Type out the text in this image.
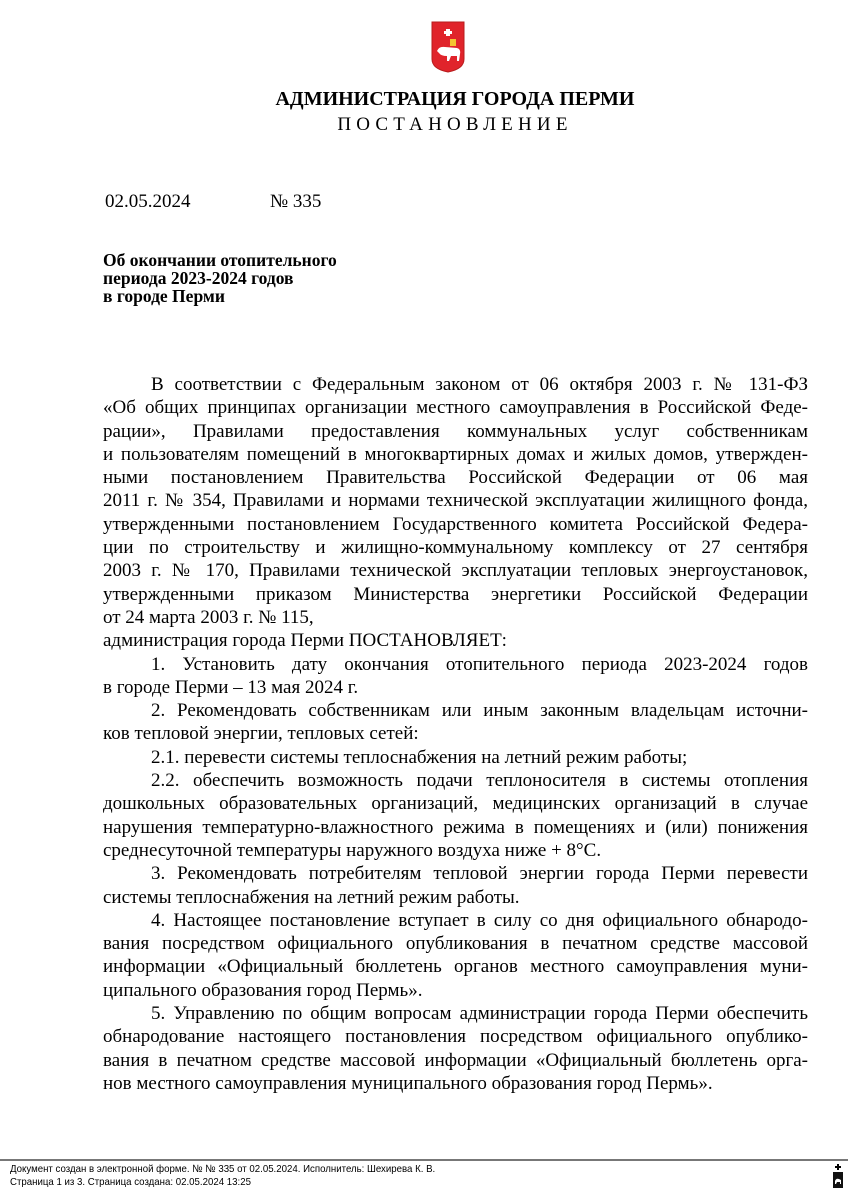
АДМИНИСТРАЦИЯ ГОРОДА ПЕРМИ
ПОСТАНОВЛЕНИЕ
02.05.2024	№ 335
Об окончании отопительного
периода 2023-2024 годов
в городе Перми
В соответствии с Федеральным законом от 06 октября 2003 г. № 131-ФЗ
«Об общих принципах организации местного самоуправления в Российской Феде-
рации», Правилами предоставления коммунальных услуг собственникам
и пользователям помещений в многоквартирных домах и жилых домов, утвержден-
ными постановлением Правительства Российской Федерации от 06 мая
2011 г. № 354, Правилами и нормами технической эксплуатации жилищного фонда,
утвержденными постановлением Государственного комитета Российской Федера-
ции по строительству и жилищно-коммунальному комплексу от 27 сентября
2003 г. № 170, Правилами технической эксплуатации тепловых энергоустановок,
утвержденными приказом Министерства энергетики Российской Федерации
от 24 марта 2003 г. № 115,
администрация города Перми ПОСТАНОВЛЯЕТ:
1. Установить дату окончания отопительного периода 2023-2024 годов
в городе Перми – 13 мая 2024 г.
2. Рекомендовать собственникам или иным законным владельцам источни-
ков тепловой энергии, тепловых сетей:
2.1. перевести системы теплоснабжения на летний режим работы;
2.2. обеспечить возможность подачи теплоносителя в системы отопления
дошкольных образовательных организаций, медицинских организаций в случае
нарушения температурно-влажностного режима в помещениях и (или) понижения
среднесуточной температуры наружного воздуха ниже + 8°С.
3. Рекомендовать потребителям тепловой энергии города Перми перевести
системы теплоснабжения на летний режим работы.
4. Настоящее постановление вступает в силу со дня официального обнародо-
вания посредством официального опубликования в печатном средстве массовой
информации «Официальный бюллетень органов местного самоуправления муни-
ципального образования город Пермь».
5. Управлению по общим вопросам администрации города Перми обеспечить
обнародование настоящего постановления посредством официального опублико-
вания в печатном средстве массовой информации «Официальный бюллетень орга-
нов местного самоуправления муниципального образования город Пермь».
Документ создан в электронной форме. № № 335 от 02.05.2024. Исполнитель: Шехирева К. В.
Страница 1 из 3. Страница создана: 02.05.2024 13:25
